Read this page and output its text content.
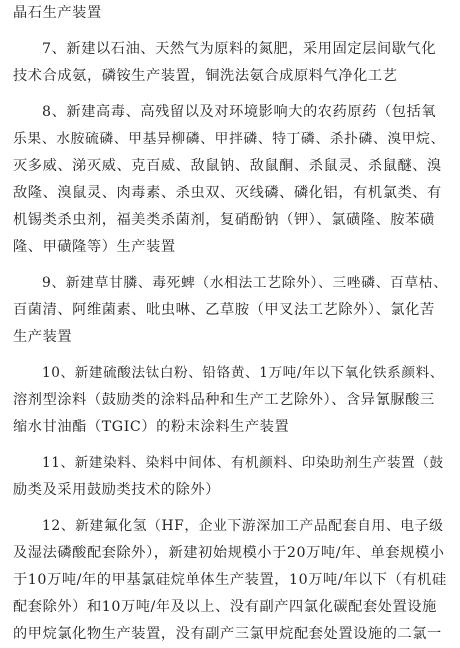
晶石生产装置
7、新建以石油、天然气为原料的氮肥，采用固定层间歇气化
技术合成氨，磷铵生产装置，铜洗法氨合成原料气净化工艺
8、新建高毒、高残留以及对环境影响大的农药原药（包括氧
乐果、水胺硫磷、甲基异柳磷、甲拌磷、特丁磷、杀扑磷、溴甲烷、
灭多威、涕灭威、克百威、敌鼠钠、敌鼠酮、杀鼠灵、杀鼠醚、溴
敌隆、溴鼠灵、肉毒素、杀虫双、灭线磷、磷化铝，有机氯类、有
机锡类杀虫剂，福美类杀菌剂，复硝酚钠（钾）、氯磺隆、胺苯磺
隆、甲磺隆等）生产装置
9、新建草甘膦、毒死蜱（水相法工艺除外）、三唑磷、百草枯、
百菌清、阿维菌素、吡虫啉、乙草胺（甲叉法工艺除外）、氯化苦
生产装置
10、新建硫酸法钛白粉、铅铬黄、1万吨/年以下氧化铁系颜料、
溶剂型涂料（鼓励类的涂料品种和生产工艺除外）、含异氰脲酸三
缩水甘油酯（TGIC）的粉末涂料生产装置
11、新建染料、染料中间体、有机颜料、印染助剂生产装置（鼓
励类及采用鼓励类技术的除外）
12、新建氟化氢（HF，企业下游深加工产品配套自用、电子级
及湿法磷酸配套除外），新建初始规模小于20万吨/年、单套规模小
于10万吨/年的甲基氯硅烷单体生产装置，10万吨/年以下（有机硅
配套除外）和10万吨/年及以上、没有副产四氯化碳配套处置设施
的甲烷氯化物生产装置，没有副产三氯甲烷配套处置设施的二氯一
